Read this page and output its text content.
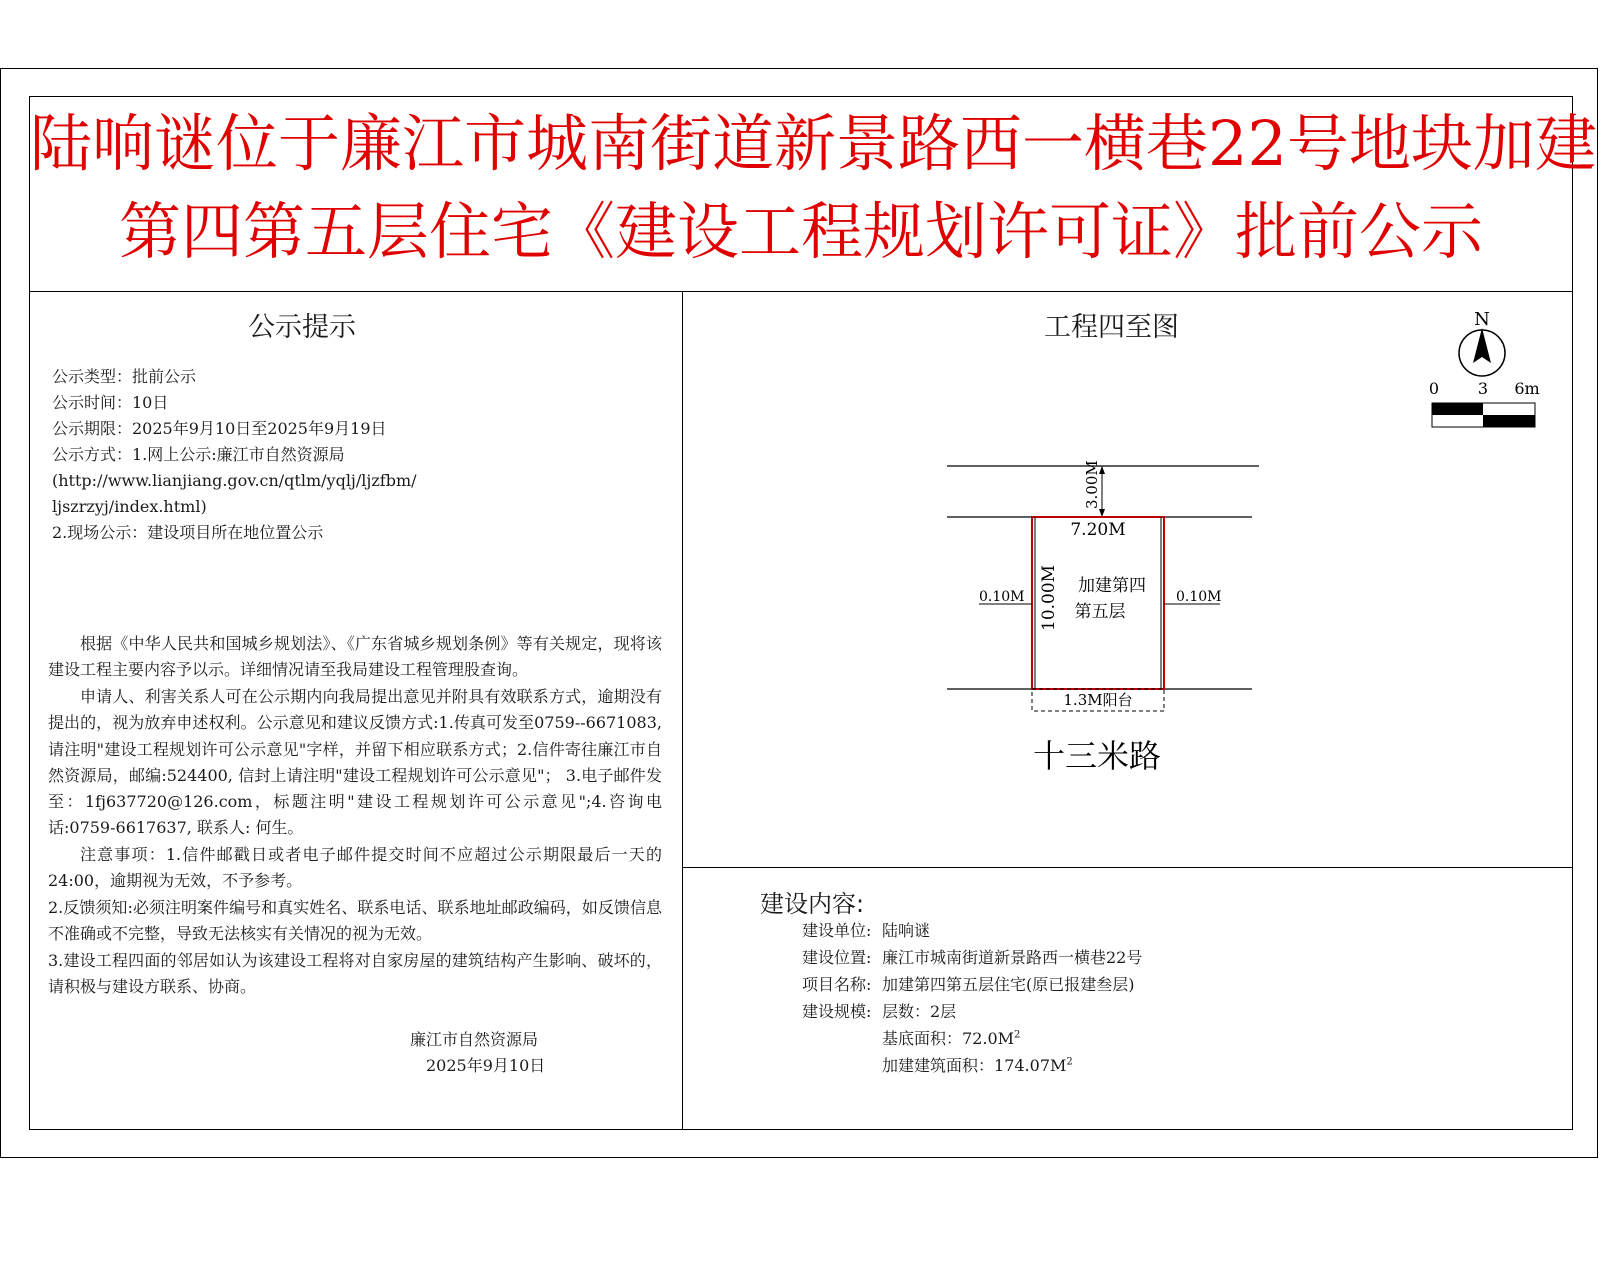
陆响谜位于廉江市城南街道新景路西一横巷22号地块加建
第四第五层住宅《建设工程规划许可证》批前公示
公示提示
公示类型：批前公示
公示时间：10日
公示期限：2025年9月10日至2025年9月19日
公示方式：1.网上公示:廉江市自然资源局
(http://www.lianjiang.gov.cn/qtlm/yqlj/ljzfbm/
ljszrzyj/index.html)
2.现场公示：建设项目所在地位置公示

根据《中华人民共和国城乡规划法》、《广东省城乡规划条例》等有关规定，现将该建设工程主要内容予以示。详细情况请至我局建设工程管理股查询。

申请人、利害关系人可在公示期内向我局提出意见并附具有效联系方式，逾期没有提出的，视为放弃申述权利。公示意见和建议反馈方式:1.传真可发至0759--6671083, 请注明"建设工程规划许可公示意见"字样，并留下相应联系方式；2.信件寄往廉江市自然资源局，邮编:524400, 信封上请注明"建设工程规划许可公示意见"； 3.电子邮件发至：1fj637720@126.com，标题注明"建设工程规划许可公示意见";4.咨询电话:0759-6617637, 联系人: 何生。

注意事项：1.信件邮戳日或者电子邮件提交时间不应超过公示期限最后一天的24:00，逾期视为无效，不予参考。

2.反馈须知:必须注明案件编号和真实姓名、联系电话、联系地址邮政编码，如反馈信息不准确或不完整，导致无法核实有关情况的视为无效。

3.建设工程四面的邻居如认为该建设工程将对自家房屋的建筑结构产生影响、破坏的，请积极与建设方联系、协商。

廉江市自然资源局
2025年9月10日
工程四至图	N
0 3 6m
3.00M
7.20M
10.00M 加建第四
第五层
0.10M	0.10M
1.3M阳台
十三米路
建设内容:
建设单位: 陆响谜
建设位置: 廉江市城南街道新景路西一横巷22号
项目名称: 加建第四第五层住宅(原已报建叁层)
建设规模: 层数：2层
基底面积：$72.0M^2$
加建建筑面积：$174.07M^2$
